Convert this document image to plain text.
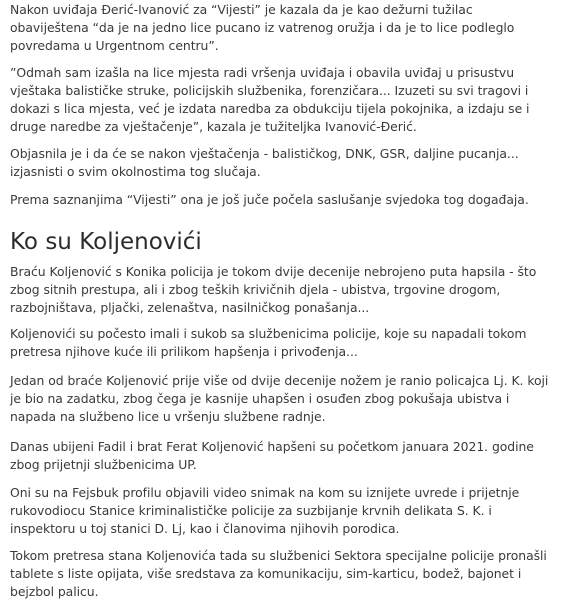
Nakon uviđaja Đerić-Ivanović za “Vijesti” je kazala da je kao dežurni tužilac obaviještena “da je na jedno lice pucano iz vatrenog oružja i da je to lice podleglo povredama u Urgentnom centru”.

”Odmah sam izašla na lice mjesta radi vršenja uviđaja i obavila uviđaj u prisustvu vještaka balističke struke, policijskih službenika, forenzičara... Izuzeti su svi tragovi i dokazi s lica mjesta, već je izdata naredba za obdukciju tijela pokojnika, a izdaju se i druge naredbe za vještačenje”, kazala je tužiteljka Ivanović-Đerić.

Objasnila je i da će se nakon vještačenja - balističkog, DNK, GSR, daljine pucanja... izjasnisti o svim okolnostima tog slučaja.

Prema saznanjima “Vijesti” ona je još juče počela saslušanje svjedoka tog događaja.

Ko su Koljenovići

Braću Koljenović s Konika policija je tokom dvije decenije nebrojeno puta hapsila - što zbog sitnih prestupa, ali i zbog teških krivičnih djela - ubistva, trgovine drogom, razbojništava, pljački, zelenaštva, nasilničkog ponašanja...

Koljenovići su počesto imali i sukob sa službenicima policije, koje su napadali tokom pretresa njihove kuće ili prilikom hapšenja i privođenja...

Jedan od braće Koljenović prije više od dvije decenije nožem je ranio policajca Lj. K. koji je bio na zadatku, zbog čega je kasnije uhapšen i osuđen zbog pokušaja ubistva i napada na službeno lice u vršenju službene radnje.

Danas ubijeni Fadil i brat Ferat Koljenović hapšeni su početkom januara 2021. godine zbog prijetnji službenicima UP.

Oni su na Fejsbuk profilu objavili video snimak na kom su iznijete uvrede i prijetnje rukovodiocu Stanice kriminalističke policije za suzbijanje krvnih delikata S. K. i inspektoru u toj stanici D. Lj, kao i članovima njihovih porodica.

Tokom pretresa stana Koljenovića tada su službenici Sektora specijalne policije pronašli tablete s liste opijata, više sredstava za komunikaciju, sim-karticu, bodež, bajonet i bejzbol palicu.
